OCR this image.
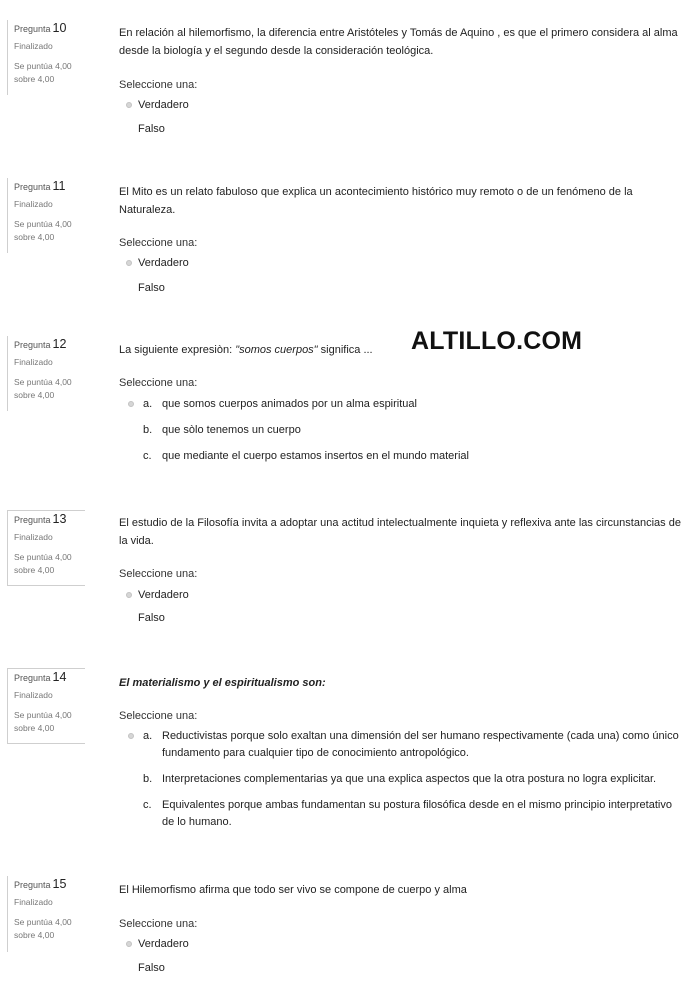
Pregunta 10
Finalizado
Se puntúa 4,00 sobre 4,00
En relación al hilemorfismo, la diferencia entre Aristóteles y Tomás de Aquino , es que el primero considera al alma desde la biología y el segundo desde la consideración teológica.
Seleccione una:
Verdadero
Falso
Pregunta 11
Finalizado
Se puntúa 4,00 sobre 4,00
El Mito es un relato fabuloso que explica un acontecimiento histórico muy remoto o de un fenómeno de la Naturaleza.
Seleccione una:
Verdadero
Falso
Pregunta 12
Finalizado
Se puntúa 4,00 sobre 4,00
La siguiente expresiòn: "somos cuerpos" significa ...
Seleccione una:
a. que somos cuerpos animados por un alma espiritual
b. que sòlo tenemos un cuerpo
c. que mediante el cuerpo estamos insertos en el mundo material
Pregunta 13
Finalizado
Se puntúa 4,00 sobre 4,00
El estudio de la Filosofía invita a adoptar una actitud intelectualmente inquieta y reflexiva ante las circunstancias de la vida.
Seleccione una:
Verdadero
Falso
Pregunta 14
Finalizado
Se puntúa 4,00 sobre 4,00
El materialismo y el espiritualismo son:
Seleccione una:
a. Reductivistas porque solo exaltan una dimensión del ser humano respectivamente (cada una) como único fundamento para cualquier tipo de conocimiento antropológico.
b. Interpretaciones complementarias ya que una explica aspectos que la otra postura no logra explicitar.
c. Equivalentes porque ambas fundamentan su postura filosófica desde en el mismo principio interpretativo de lo humano.
Pregunta 15
Finalizado
Se puntúa 4,00 sobre 4,00
El Hilemorfismo afirma que todo ser vivo se compone de cuerpo y alma
Seleccione una:
Verdadero
Falso
ALTILLO.COM
